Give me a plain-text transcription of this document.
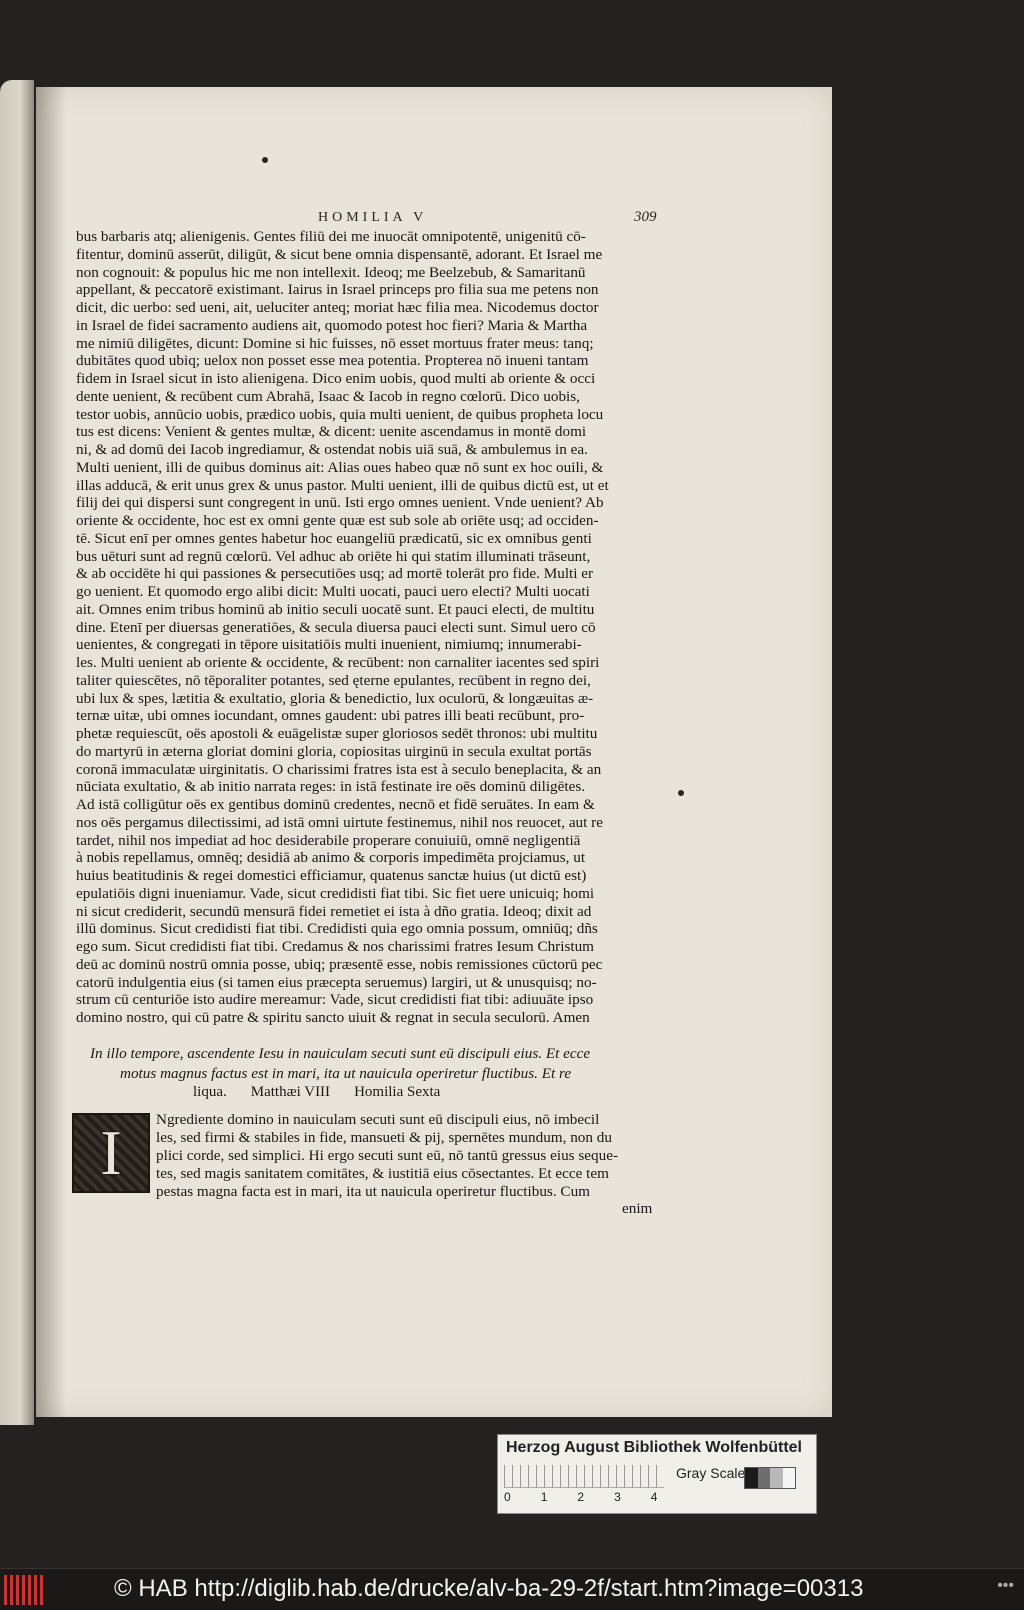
HOMILIA V	309

bus barbaris atq; alienigenis. Gentes filiū dei me inuocāt omnipotentē, unigenitū cō-

fitentur, dominū asserūt, diligūt, & sicut bene omnia dispensantē, adorant. Et Israel me

non cognouit: & populus hic me non intellexit. Ideoq; me Beelzebub, & Samaritanū

appellant, & peccatorē existimant. Iairus in Israel princeps pro filia sua me petens non

dicit, dic uerbo: sed ueni, ait, ueluciter anteq; moriat hæc filia mea. Nicodemus doctor

in Israel de fidei sacramento audiens ait, quomodo potest hoc fieri? Maria & Martha

me nimiū diligētes, dicunt: Domine si hic fuisses, nō esset mortuus frater meus: tanq;

dubitātes quod ubiq; uelox non posset esse mea potentia. Propterea nō inueni tantam

fidem in Israel sicut in isto alienigena. Dico enim uobis, quod multi ab oriente & occi

dente uenient, & recūbent cum Abrahā, Isaac & Iacob in regno cœlorū. Dico uobis,

testor uobis, annūcio uobis, prædico uobis, quia multi uenient, de quibus propheta locu

tus est dicens: Venient & gentes multæ, & dicent: uenite ascendamus in montē domi

ni, & ad domū dei Iacob ingrediamur, & ostendat nobis uiā suā, & ambulemus in ea.

Multi uenient, illi de quibus dominus ait: Alias oues habeo quæ nō sunt ex hoc ouili, &

illas adducā, & erit unus grex & unus pastor. Multi uenient, illi de quibus dictū est, ut et

filij dei qui dispersi sunt congregent in unū. Isti ergo omnes uenient. Vnde uenient? Ab

oriente & occidente, hoc est ex omni gente quæ est sub sole ab oriēte usq; ad occiden-

tē. Sicut enī per omnes gentes habetur hoc euangeliū prædicatū, sic ex omnibus genti

bus uēturi sunt ad regnū cœlorū. Vel adhuc ab oriēte hi qui statim illuminati trāseunt,

& ab occidēte hi qui passiones & persecutiōes usq; ad mortē tolerāt pro fide. Multi er

go uenient. Et quomodo ergo alibi dicit: Multi uocati, pauci uero electi? Multi uocati

ait. Omnes enim tribus hominū ab initio seculi uocatē sunt. Et pauci electi, de multitu

dine. Etenī per diuersas generatiōes, & secula diuersa pauci electi sunt. Simul uero cō

uenientes, & congregati in tēpore uisitatiōis multi inuenient, nimiumq; innumerabi-

les. Multi uenient ab oriente & occidente, & recūbent: non carnaliter iacentes sed spiri

taliter quiescētes, nō tēporaliter potantes, sed ęterne epulantes, recūbent in regno dei,

ubi lux & spes, lætitia & exultatio, gloria & benedictio, lux oculorū, & longæuitas æ-

ternæ uitæ, ubi omnes iocundant, omnes gaudent: ubi patres illi beati recūbunt, pro-

phetæ requiescūt, oēs apostoli & euāgelistæ super gloriosos sedēt thronos: ubi multitu

do martyrū in æterna gloriat domini gloria, copiositas uirginū in secula exultat portās

coronā immaculatæ uirginitatis. O charissimi fratres ista est à seculo beneplacita, & an

nūciata exultatio, & ab initio narrata reges: in istā festinate ire oēs dominū diligētes.

Ad istā colligūtur oēs ex gentibus dominū credentes, necnō et fidē seruātes. In eam &

nos oēs pergamus dilectissimi, ad istā omni uirtute festinemus, nihil nos reuocet, aut re

tardet, nihil nos impediat ad hoc desiderabile properare conuiuiū, omnē negligentiā

à nobis repellamus, omnēq; desidiā ab animo & corporis impedimēta projciamus, ut

huius beatitudinis & regei domestici efficiamur, quatenus sanctæ huius (ut dictū est)

epulatiōis digni inueniamur. Vade, sicut credidisti fiat tibi. Sic fiet uere unicuiq; homi

ni sicut crediderit, secundū mensurā fidei remetiet ei ista à dño gratia. Ideoq; dixit ad

illū dominus. Sicut credidisti fiat tibi. Credidisti quia ego omnia possum, omniūq; dñs

ego sum. Sicut credidisti fiat tibi. Credamus & nos charissimi fratres Iesum Christum

deū ac dominū nostrū omnia posse, ubiq; præsentē esse, nobis remissiones cūctorū pec

catorū indulgentia eius (si tamen eius præcepta seruemus) largiri, ut & unusquisq; no-

strum cū centuriōe isto audire mereamur: Vade, sicut credidisti fiat tibi: adiuuāte ipso

domino nostro, qui cū patre & spiritu sancto uiuit & regnat in secula seculorū. Amen

In illo tempore, ascendente Iesu in nauiculam secuti sunt eū discipuli eius. Et ecce
motus magnus factus est in mari, ita ut nauicula operiretur fluctibus. Et re
liqua. Matthæi VIII Homilia Sexta
I Ngrediente domino in nauiculam secuti sunt eū discipuli eius, nō imbecil
les, sed firmi & stabiles in fide, mansueti & pij, spernētes mundum, non du
plici corde, sed simplici. Hi ergo secuti sunt eū, nō tantū gressus eius seque-
tes, sed magis sanitatem comitātes, & iustitiā eius cōsectantes. Et ecce tem
pestas magna facta est in mari, ita ut nauicula operiretur fluctibus. Cum
enim
Herzog August Bibliothek Wolfenbüttel
0	1	2	3	4
Gray Scale
© HAB http://diglib.hab.de/drucke/alv-ba-29-2f/start.htm?image=00313	•••
